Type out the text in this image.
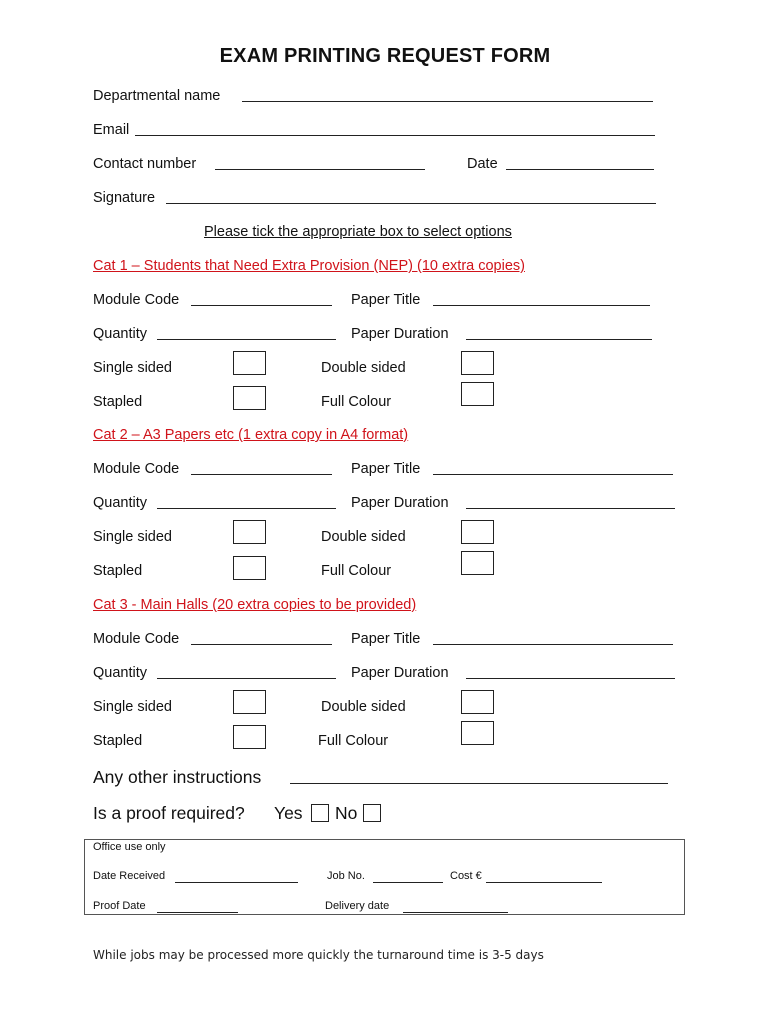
EXAM PRINTING REQUEST FORM
Departmental name
Email
Contact number	Date
Signature
Please tick the appropriate box to select options
Cat 1 – Students that Need Extra Provision (NEP) (10 extra copies)
Module Code	Paper Title
Quantity	Paper Duration
Single sided	Double sided
Stapled	Full Colour
Cat 2 – A3 Papers etc (1 extra copy in A4 format)
Module Code	Paper Title
Quantity	Paper Duration
Single sided	Double sided
Stapled	Full Colour
Cat 3 - Main Halls (20 extra copies to be provided)
Module Code	Paper Title
Quantity	Paper Duration
Single sided	Double sided
Stapled	Full Colour
Any other instructions
Is a proof required? Yes No
Office use only
Date Received	Job No.	Cost €
Proof Date	Delivery date
While jobs may be processed more quickly the turnaround time is 3-5 days
